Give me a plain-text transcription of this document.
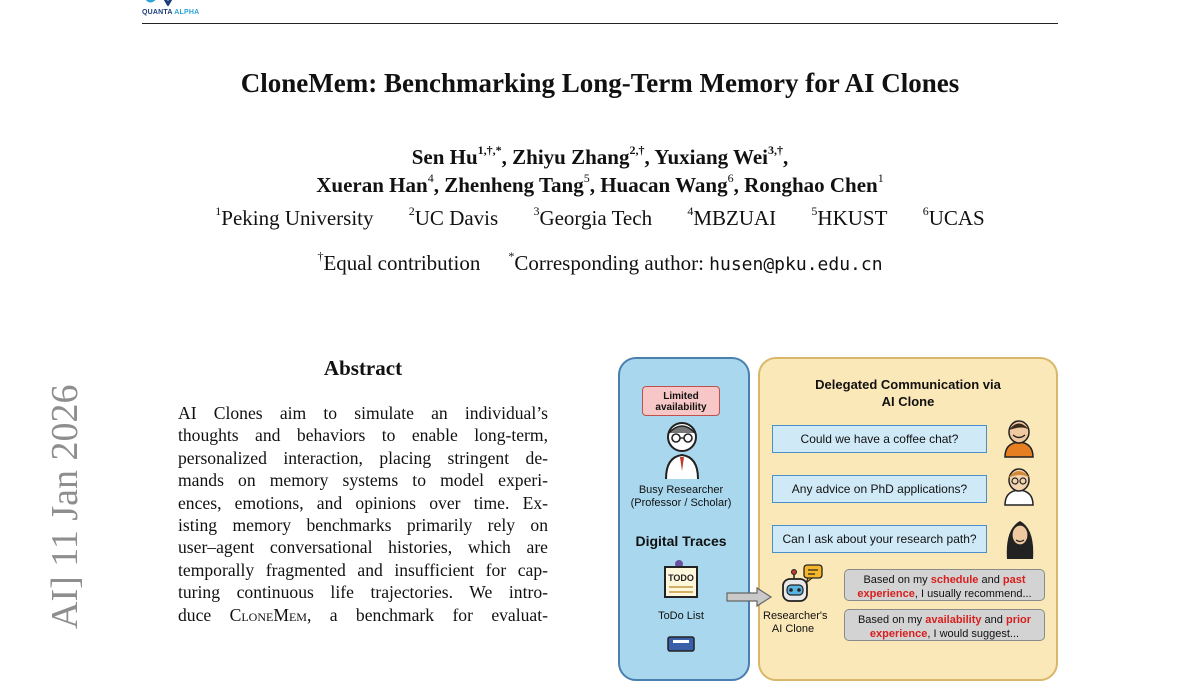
QUANTA ALPHA
AI] 11 Jan 2026
CloneMem: Benchmarking Long-Term Memory for AI Clones
Sen $Hu^{1,\dagger,*}$, Zhiyu Zhang$^{2,\dagger}$, Yuxiang Wei$^{3,\dagger}$,
Xueran Han$^4$, Zhenheng Tang$^5$, Huacan Wang$^6$, Ronghao Chen$^1$
$^1$Peking University	$^2$UC Davis	$^3$Georgia Tech	$^4$MBZUAI	$^5$HKUST	$^6$UCAS
†Equal contribution *Corresponding author: husen@pku.edu.cn
Abstract
AI Clones aim to simulate an individual’s
thoughts and behaviors to enable long-term,
personalized interaction, placing stringent de-
mands on memory systems to model experi-
ences, emotions, and opinions over time. Ex-
isting memory benchmarks primarily rely on
user–agent conversational histories, which are
temporally fragmented and insufficient for cap-
turing continuous life trajectories. We intro-
duce CloneMem, a benchmark for evaluat-
Limited availability
Busy Researcher
(Professor / Scholar)
Digital Traces
TODO
ToDo List
Delegated Communication via
AI Clone
Could we have a coffee chat?
Any advice on PhD applications?
Can I ask about your research path?
Researcher's
AI Clone
Based on my schedule and past
experience, I usually recommend...
Based on my availability and prior
experience, I would suggest...
